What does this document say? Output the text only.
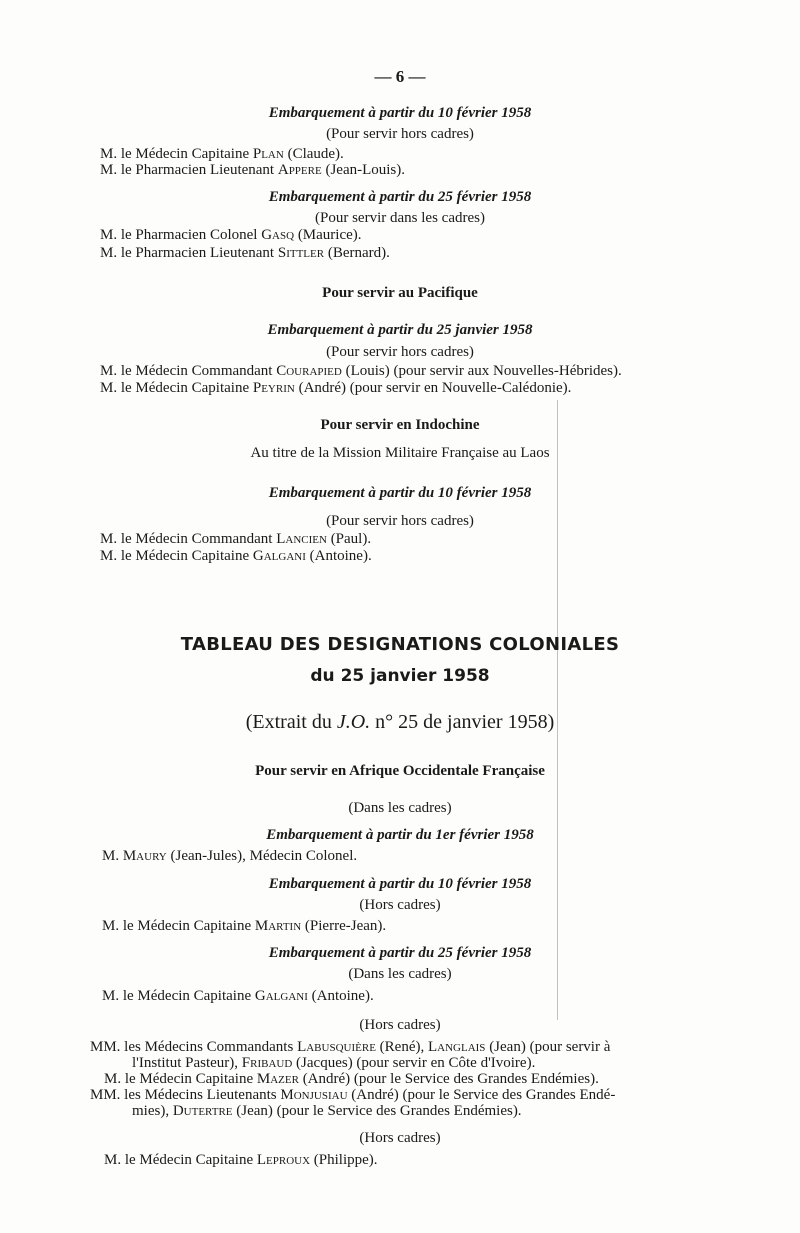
— 6 —
Embarquement à partir du 10 février 1958
(Pour servir hors cadres)
M. le Médecin Capitaine Plan (Claude).
M. le Pharmacien Lieutenant Appere (Jean-Louis).
Embarquement à partir du 25 février 1958
(Pour servir dans les cadres)
M. le Pharmacien Colonel Gasq (Maurice).
M. le Pharmacien Lieutenant Sittler (Bernard).
Pour servir au Pacifique
Embarquement à partir du 25 janvier 1958
(Pour servir hors cadres)
M. le Médecin Commandant Courapied (Louis) (pour servir aux Nouvelles-Hébrides).
M. le Médecin Capitaine Peyrin (André) (pour servir en Nouvelle-Calédonie).
Pour servir en Indochine
Au titre de la Mission Militaire Française au Laos
Embarquement à partir du 10 février 1958
(Pour servir hors cadres)
M. le Médecin Commandant Lancien (Paul).
M. le Médecin Capitaine Galgani (Antoine).
TABLEAU DES DESIGNATIONS COLONIALES
du 25 janvier 1958
(Extrait du J.O. n° 25 de janvier 1958)
Pour servir en Afrique Occidentale Française
(Dans les cadres)
Embarquement à partir du 1er février 1958
M. Maury (Jean-Jules), Médecin Colonel.
Embarquement à partir du 10 février 1958
(Hors cadres)
M. le Médecin Capitaine Martin (Pierre-Jean).
Embarquement à partir du 25 février 1958
(Dans les cadres)
M. le Médecin Capitaine Galgani (Antoine).
(Hors cadres)
MM. les Médecins Commandants Labusquière (René), Langlais (Jean) (pour servir à
l'Institut Pasteur), Fribaud (Jacques) (pour servir en Côte d'Ivoire).
M. le Médecin Capitaine Mazer (André) (pour le Service des Grandes Endémies).
MM. les Médecins Lieutenants Monjusiau (André) (pour le Service des Grandes Endé-
mies), Dutertre (Jean) (pour le Service des Grandes Endémies).
(Hors cadres)
M. le Médecin Capitaine Leproux (Philippe).
